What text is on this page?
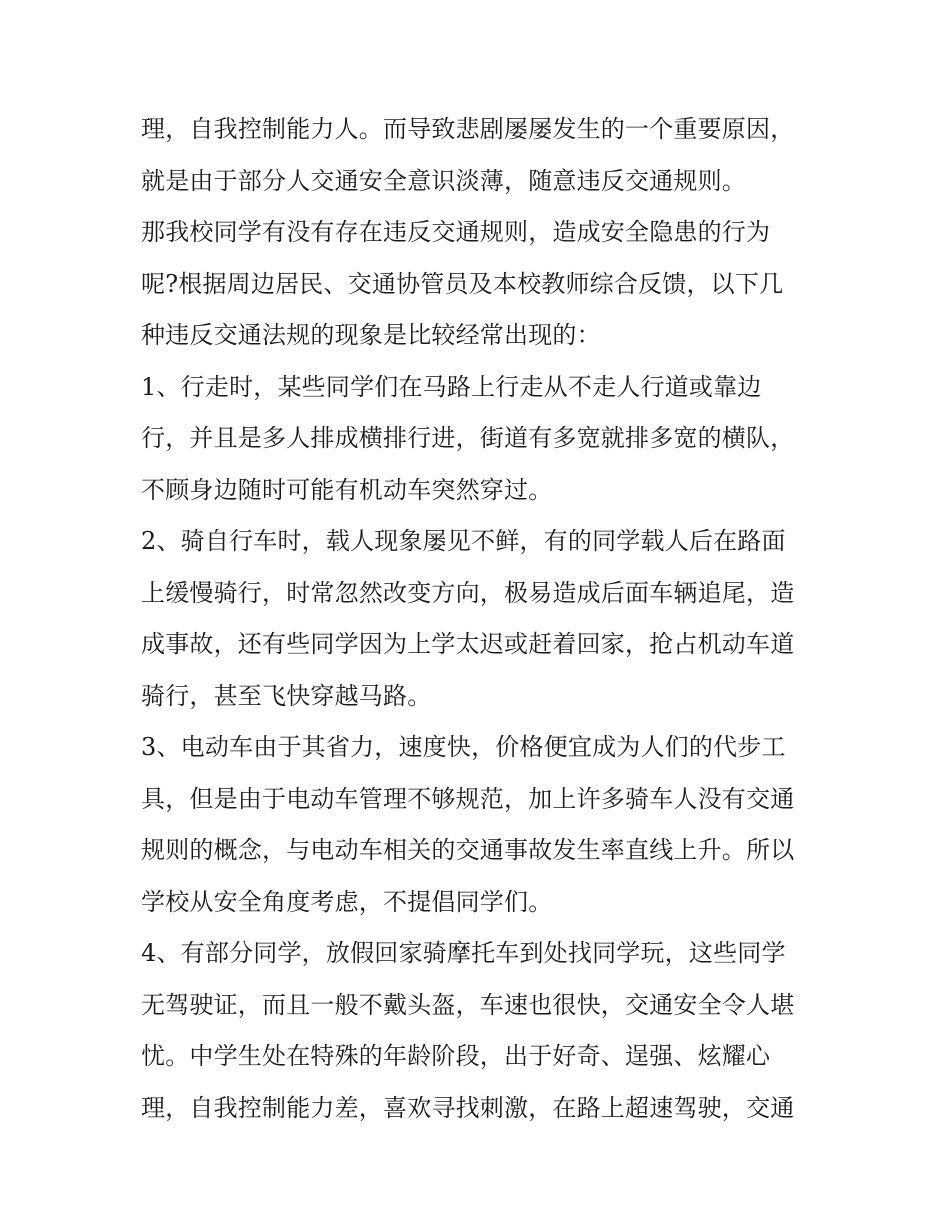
理，自我控制能力人。而导致悲剧屡屡发生的一个重要原因，
就是由于部分人交通安全意识淡薄，随意违反交通规则。
那我校同学有没有存在违反交通规则，造成安全隐患的行为
呢?根据周边居民、交通协管员及本校教师综合反馈，以下几
种违反交通法规的现象是比较经常出现的：
1、行走时，某些同学们在马路上行走从不走人行道或靠边
行，并且是多人排成横排行进，街道有多宽就排多宽的横队，
不顾身边随时可能有机动车突然穿过。
2、骑自行车时，载人现象屡见不鲜，有的同学载人后在路面
上缓慢骑行，时常忽然改变方向，极易造成后面车辆追尾，造
成事故，还有些同学因为上学太迟或赶着回家，抢占机动车道
骑行，甚至飞快穿越马路。
3、电动车由于其省力，速度快，价格便宜成为人们的代步工
具，但是由于电动车管理不够规范，加上许多骑车人没有交通
规则的概念，与电动车相关的交通事故发生率直线上升。所以
学校从安全角度考虑，不提倡同学们。
4、有部分同学，放假回家骑摩托车到处找同学玩，这些同学
无驾驶证，而且一般不戴头盔，车速也很快，交通安全令人堪
忧。中学生处在特殊的年龄阶段，出于好奇、逞强、炫耀心
理，自我控制能力差，喜欢寻找刺激，在路上超速驾驶，交通
